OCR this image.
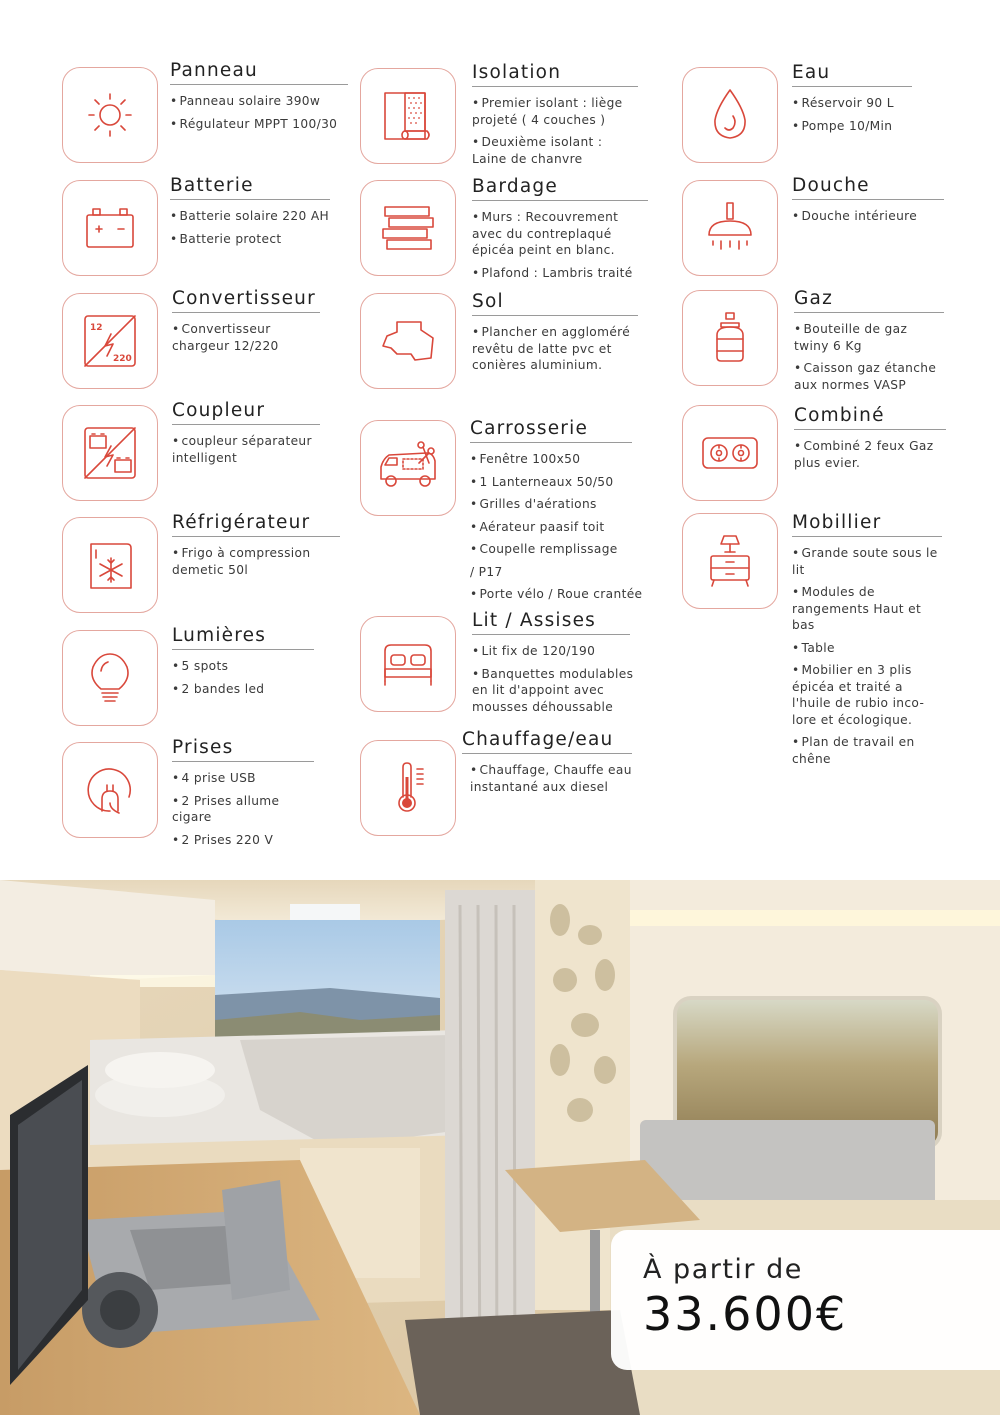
Panneau
• Panneau solaire 390w
• Régulateur MPPT 100/30
Batterie
• Batterie solaire 220 AH
• Batterie protect
12
220
Convertisseur
• Convertisseur chargeur 12/220
Coupleur
• coupleur séparateur intelligent
Réfrigérateur
• Frigo à compression demetic 50l
Lumières
• 5 spots
• 2 bandes led
Prises
• 4 prise USB
• 2 Prises allume cigare
• 2 Prises 220 V
Isolation
• Premier isolant : liège projeté ( 4 couches )
• Deuxième isolant : Laine de chanvre
Bardage
• Murs : Recouvrement avec du contreplaqué épicéa peint en blanc.
• Plafond : Lambris traité
Sol
• Plancher en aggloméré revêtu de latte pvc et conières aluminium.
Carrosserie
• Fenêtre 100x50
• 1 Lanterneaux 50/50
• Grilles d'aérations
• Aérateur paasif toit
• Coupelle remplissage
/ P17
• Porte vélo / Roue crantée
Lit / Assises
• Lit fix de 120/190
• Banquettes modulables en lit d'appoint avec mousses déhoussable
Chauffage/eau
• Chauffage, Chauffe eau instantané aux diesel
Eau
• Réservoir 90 L
• Pompe 10/Min
Douche
• Douche intérieure
Gaz
• Bouteille de gaz twiny 6 Kg
• Caisson gaz étanche aux normes VASP
Combiné
• Combiné 2 feux Gaz plus evier.
Mobillier
• Grande soute sous le lit
• Modules de rangements Haut et bas
• Table
• Mobilier en 3 plis épicéa et traité a l'huile de rubio inco-lore et écologique.
• Plan de travail en chêne
À partir de
33.600€
